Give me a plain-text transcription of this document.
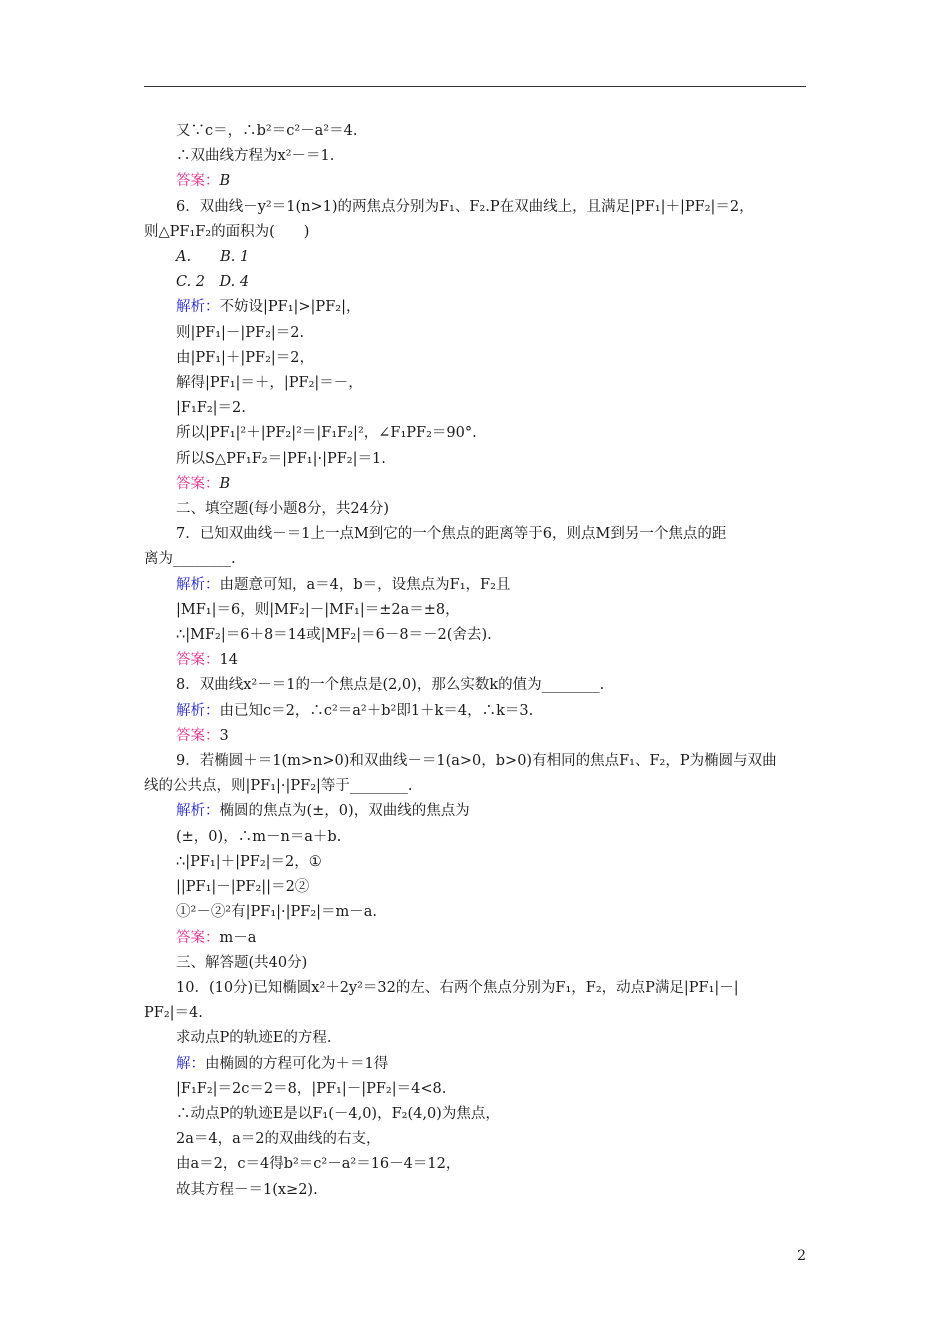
又∵c＝，∴b²＝c²－a²＝4.
∴双曲线方程为x²－＝1.
答案：B
6．双曲线－y²＝1(n>1)的两焦点分别为F₁、F₂.P在双曲线上，且满足|PF₁|＋|PF₂|＝2，
则△PF₁F₂的面积为(　　)
A.　　B. 1
C. 2　D. 4
解析：不妨设|PF₁|>|PF₂|，
则|PF₁|－|PF₂|＝2.
由|PF₁|＋|PF₂|＝2，
解得|PF₁|＝＋，|PF₂|＝－，
|F₁F₂|＝2.
所以|PF₁|²＋|PF₂|²＝|F₁F₂|²，∠F₁PF₂＝90°.
所以S△PF₁F₂＝|PF₁|·|PF₂|＝1.
答案：B
二、填空题(每小题8分，共24分)
7．已知双曲线－＝1上一点M到它的一个焦点的距离等于6，则点M到另一个焦点的距
离为________.
解析：由题意可知，a＝4，b＝，设焦点为F₁，F₂且
|MF₁|＝6，则|MF₂|－|MF₁|＝±2a＝±8，
∴|MF₂|＝6＋8＝14或|MF₂|＝6－8＝－2(舍去).
答案：14
8．双曲线x²－＝1的一个焦点是(2,0)，那么实数k的值为________.
解析：由已知c＝2，∴c²＝a²＋b²即1＋k＝4，∴k＝3.
答案：3
9．若椭圆＋＝1(m>n>0)和双曲线－＝1(a>0，b>0)有相同的焦点F₁、F₂，P为椭圆与双曲
线的公共点，则|PF₁|·|PF₂|等于________.
解析：椭圆的焦点为(±，0)，双曲线的焦点为
(±，0)，∴m－n＝a＋b.
∴|PF₁|＋|PF₂|＝2，①
||PF₁|－|PF₂||＝2②
①²－②²有|PF₁|·|PF₂|＝m－a.
答案：m－a
三、解答题(共40分)
10．(10分)已知椭圆x²＋2y²＝32的左、右两个焦点分别为F₁，F₂，动点P满足|PF₁|－|
PF₂|＝4.
求动点P的轨迹E的方程.
解：由椭圆的方程可化为＋＝1得
|F₁F₂|＝2c＝2＝8，|PF₁|－|PF₂|＝4<8.
∴动点P的轨迹E是以F₁(－4,0)，F₂(4,0)为焦点，
2a＝4，a＝2的双曲线的右支，
由a＝2，c＝4得b²＝c²－a²＝16－4＝12，
故其方程－＝1(x≥2).
2
